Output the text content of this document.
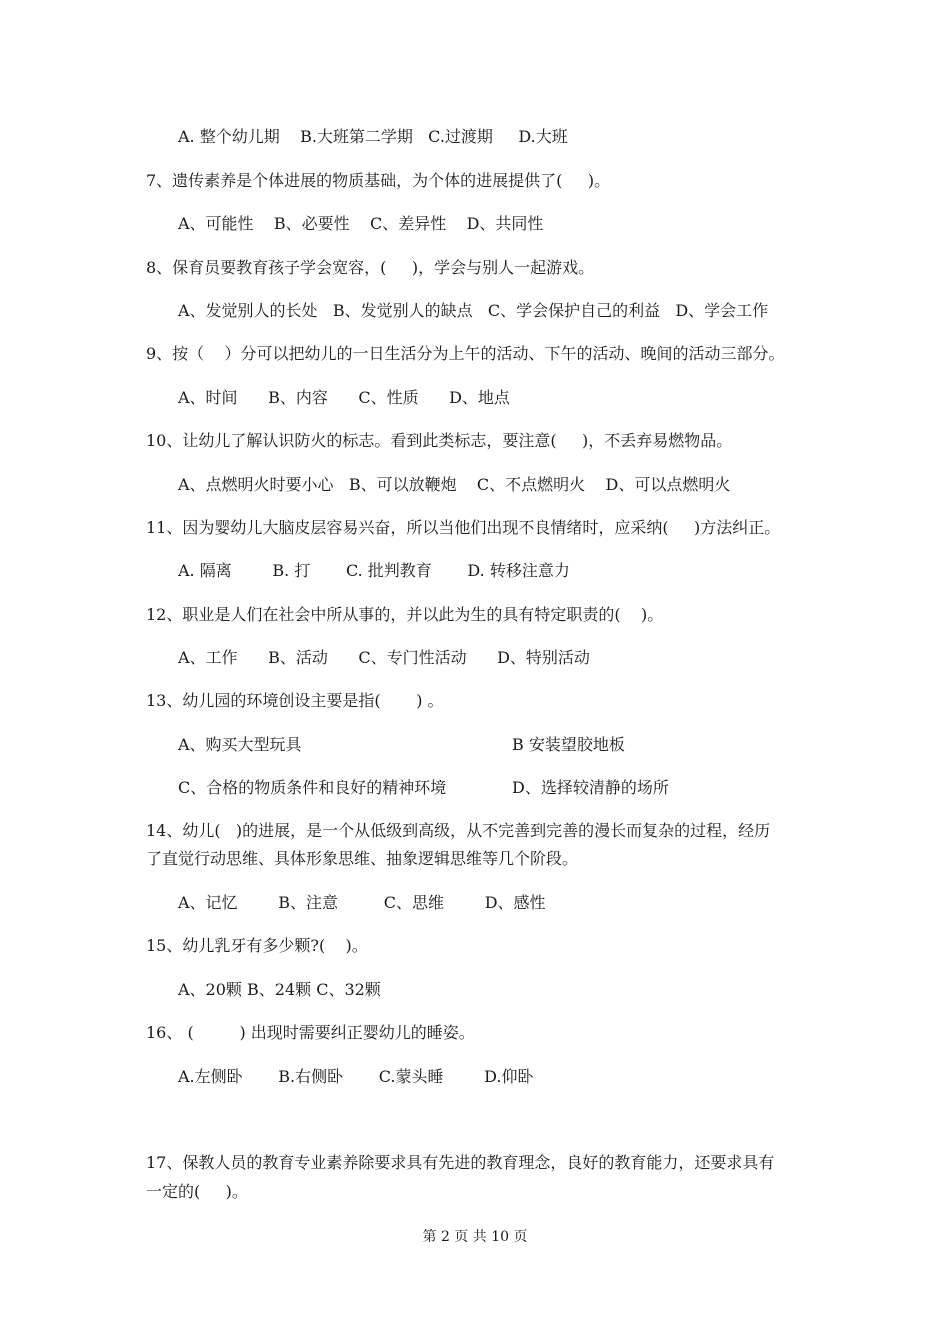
A. 整个幼儿期    B.大班第二学期   C.过渡期     D.大班
7、遗传素养是个体进展的物质基础，为个体的进展提供了(     )。
A、可能性    B、必要性    C、差异性    D、共同性
8、保育员要教育孩子学会宽容，(     )，学会与别人一起游戏。
A、发觉别人的长处   B、发觉别人的缺点   C、学会保护自己的利益   D、学会工作
9、按（    ）分可以把幼儿的一日生活分为上午的活动、下午的活动、晚间的活动三部分。
A、时间      B、内容      C、性质      D、地点
10、让幼儿了解认识防火的标志。看到此类标志，要注意(     )，不丢弃易燃物品。
A、点燃明火时要小心   B、可以放鞭炮    C、不点燃明火    D、可以点燃明火
11、因为婴幼儿大脑皮层容易兴奋，所以当他们出现不良情绪时，应采纳(     )方法纠正。
A. 隔离        B. 打       C. 批判教育       D. 转移注意力
12、职业是人们在社会中所从事的，并以此为生的具有特定职责的(    )。
A、工作      B、活动      C、专门性活动      D、特别活动
13、幼儿园的环境创设主要是指(       ) 。
A、购买大型玩具	B 安装望胶地板
C、合格的物质条件和良好的精神环境	D、选择较清静的场所
14、幼儿(   )的进展，是一个从低级到高级，从不完善到完善的漫长而复杂的过程，经历
了直觉行动思维、具体形象思维、抽象逻辑思维等几个阶段。
A、记忆        B、注意         C、思维        D、感性
15、幼儿乳牙有多少颗?(    )。
A、20颗 B、24颗 C、32颗
16、 (         ) 出现时需要纠正婴幼儿的睡姿。
A.左侧卧       B.右侧卧       C.蒙头睡        D.仰卧
17、保教人员的教育专业素养除要求具有先进的教育理念，良好的教育能力，还要求具有
一定的(     )。
第 2 页 共 10 页
